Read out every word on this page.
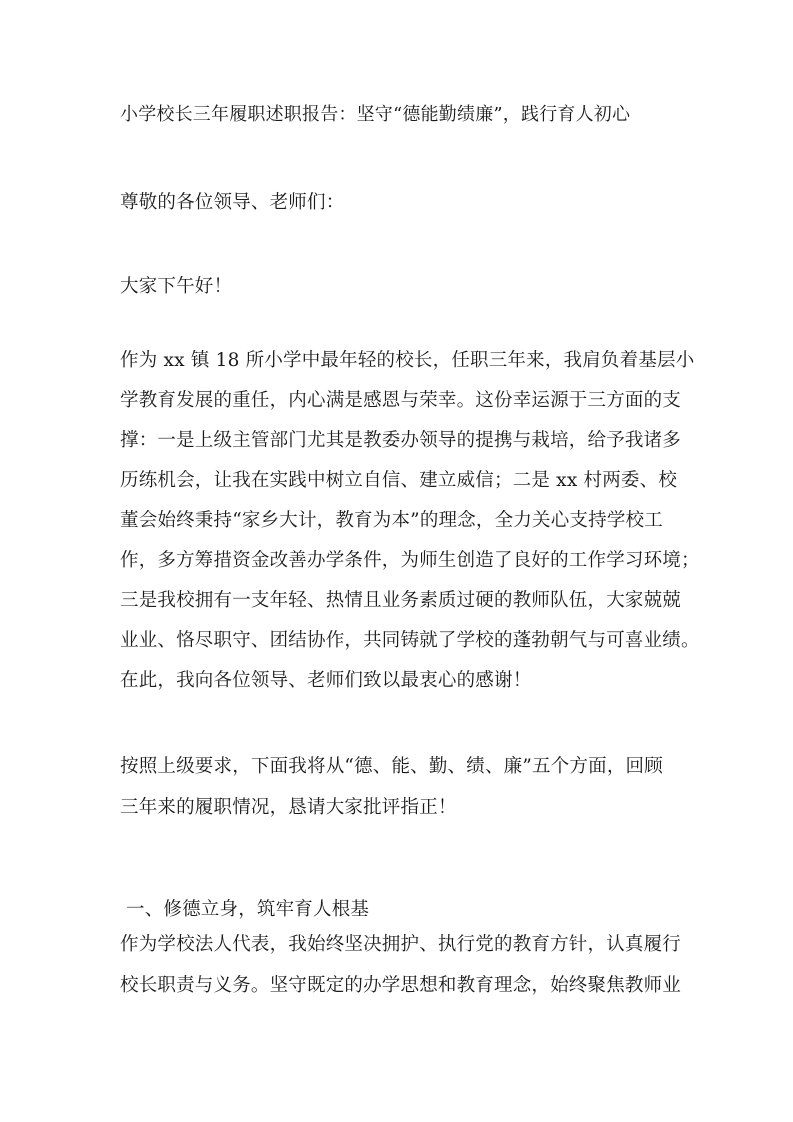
小学校长三年履职述职报告：坚守“德能勤绩廉”，践行育人初心
尊敬的各位领导、老师们：
大家下午好！
作为 xx 镇 18 所小学中最年轻的校长，任职三年来，我肩负着基层小
学教育发展的重任，内心满是感恩与荣幸。这份幸运源于三方面的支
撑：一是上级主管部门尤其是教委办领导的提携与栽培，给予我诸多
历练机会，让我在实践中树立自信、建立威信；二是 xx 村两委、校
董会始终秉持“家乡大计，教育为本”的理念，全力关心支持学校工
作，多方筹措资金改善办学条件，为师生创造了良好的工作学习环境；
三是我校拥有一支年轻、热情且业务素质过硬的教师队伍，大家兢兢
业业、恪尽职守、团结协作，共同铸就了学校的蓬勃朝气与可喜业绩。
在此，我向各位领导、老师们致以最衷心的感谢！
按照上级要求，下面我将从“德、能、勤、绩、廉”五个方面，回顾
三年来的履职情况，恳请大家批评指正！
一、修德立身，筑牢育人根基
作为学校法人代表，我始终坚决拥护、执行党的教育方针，认真履行
校长职责与义务。坚守既定的办学思想和教育理念，始终聚焦教师业
